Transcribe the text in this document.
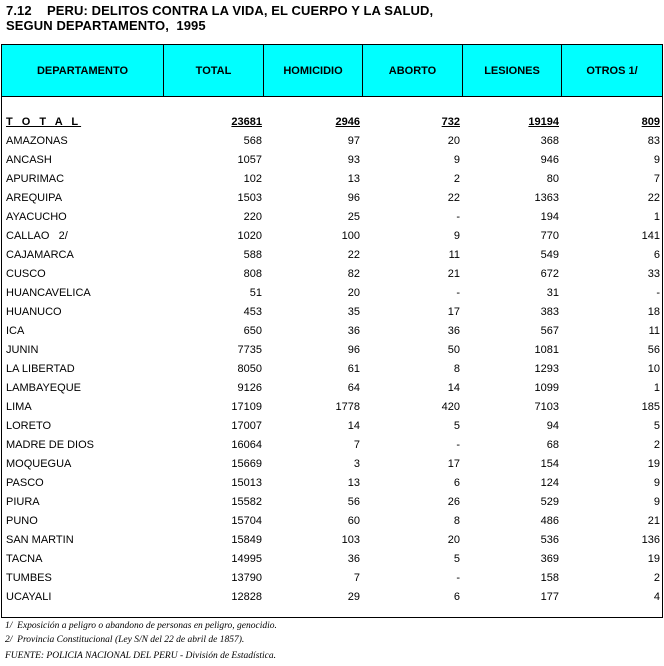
7.12 PERU: DELITOS CONTRA LA VIDA, EL CUERPO Y LA SALUD,
SEGUN DEPARTAMENTO,  1995
DEPARTAMENTO	TOTAL	HOMICIDIO	ABORTO	LESIONES	OTROS 1/
T O T A L	23681	2946	732	19194	809
AMAZONAS	568	97	20	368	83
ANCASH	1057	93	9	946	9
APURIMAC	102	13	2	80	7
AREQUIPA	1503	96	22	1363	22
AYACUCHO	220	25	-	194	1
CALLAO   2/	1020	100	9	770	141
CAJAMARCA	588	22	11	549	6
CUSCO	808	82	21	672	33
HUANCAVELICA	51	20	-	31	-
HUANUCO	453	35	17	383	18
ICA	650	36	36	567	11
JUNIN	7735	96	50	1081	56
LA LIBERTAD	8050	61	8	1293	10
LAMBAYEQUE	9126	64	14	1099	1
LIMA	17109	1778	420	7103	185
LORETO	17007	14	5	94	5
MADRE DE DIOS	16064	7	-	68	2
MOQUEGUA	15669	3	17	154	19
PASCO	15013	13	6	124	9
PIURA	15582	56	26	529	9
PUNO	15704	60	8	486	21
SAN MARTIN	15849	103	20	536	136
TACNA	14995	36	5	369	19
TUMBES	13790	7	-	158	2
UCAYALI	12828	29	6	177	4
1/  Exposición a peligro o abandono de personas en peligro, genocidio.
2/  Provincia Constitucional (Ley S/N del 22 de abril de 1857).
FUENTE: POLICIA NACIONAL DEL PERU - División de Estadística.
